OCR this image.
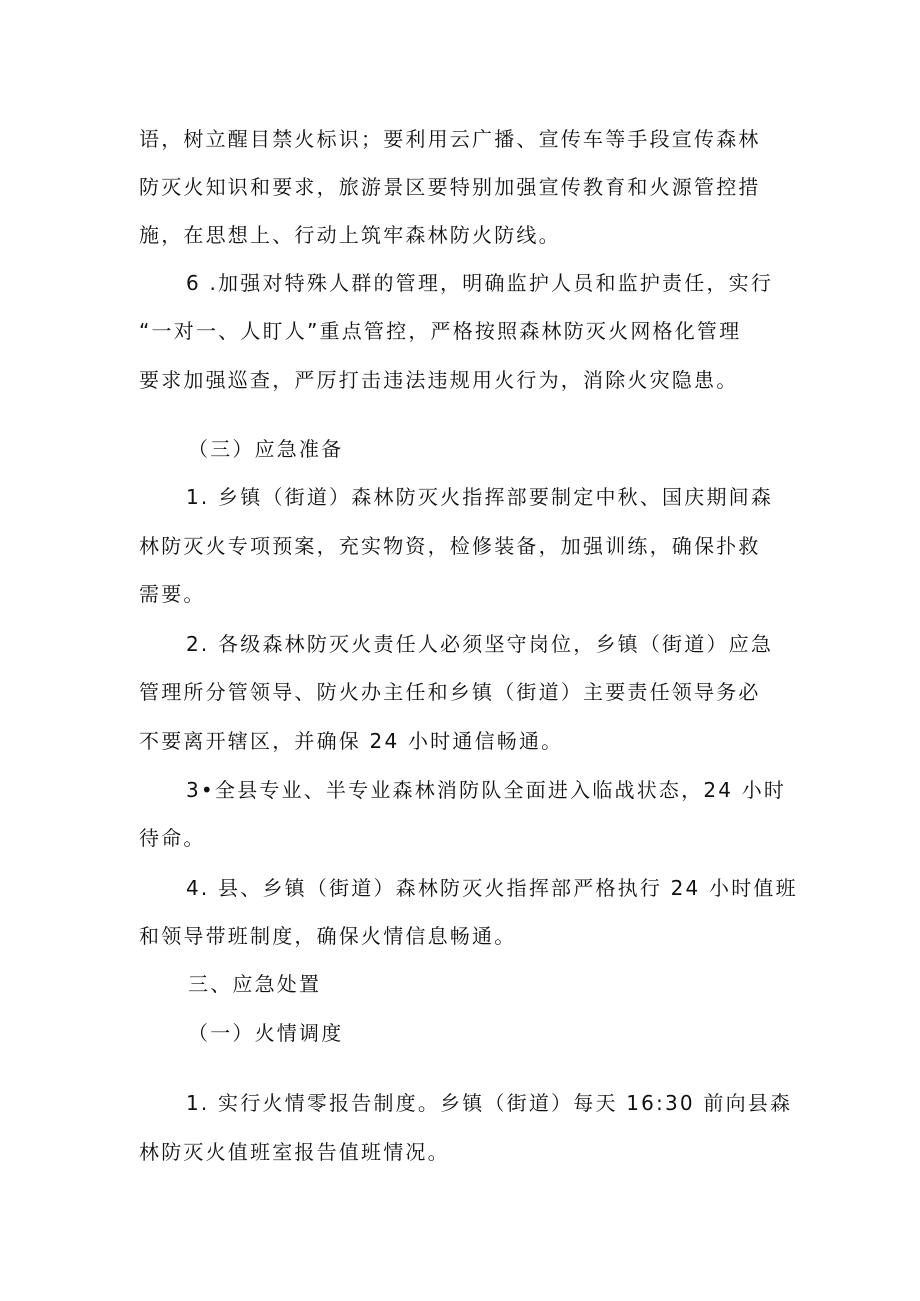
语，树立醒目禁火标识；要利用云广播、宣传车等手段宣传森林
防灭火知识和要求，旅游景区要特别加强宣传教育和火源管控措
施，在思想上、行动上筑牢森林防火防线。
6 .加强对特殊人群的管理，明确监护人员和监护责任，实行
“一对一、人盯人”重点管控，严格按照森林防灭火网格化管理
要求加强巡查，严厉打击违法违规用火行为，消除火灾隐患。
（三）应急准备
1. 乡镇（街道）森林防灭火指挥部要制定中秋、国庆期间森
林防灭火专项预案，充实物资，检修装备，加强训练，确保扑救
需要。
2. 各级森林防灭火责任人必须坚守岗位，乡镇（街道）应急
管理所分管领导、防火办主任和乡镇（街道）主要责任领导务必
不要离开辖区，并确保 24 小时通信畅通。
3•全县专业、半专业森林消防队全面进入临战状态，24 小时
待命。
4. 县、乡镇（街道）森林防灭火指挥部严格执行 24 小时值班
和领导带班制度，确保火情信息畅通。
三、应急处置
（一）火情调度
1. 实行火情零报告制度。乡镇（街道）每天 16:30 前向县森
林防灭火值班室报告值班情况。
